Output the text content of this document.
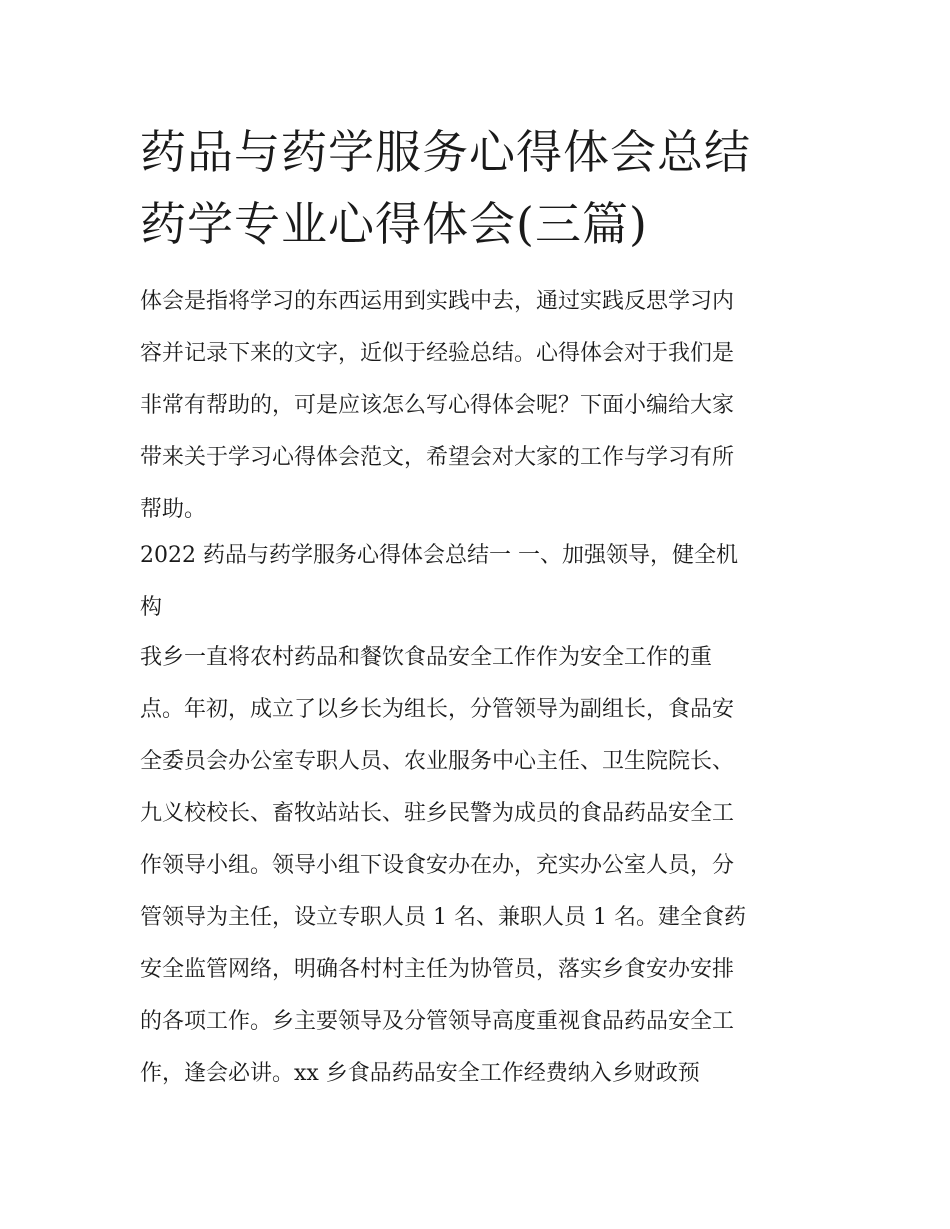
药品与药学服务心得体会总结
药学专业心得体会(三篇)
体会是指将学习的东西运用到实践中去，通过实践反思学习内
容并记录下来的文字，近似于经验总结。心得体会对于我们是
非常有帮助的，可是应该怎么写心得体会呢？下面小编给大家
带来关于学习心得体会范文，希望会对大家的工作与学习有所
帮助。
2022 药品与药学服务心得体会总结一 一、加强领导，健全机
构
我乡一直将农村药品和餐饮食品安全工作作为安全工作的重
点。年初，成立了以乡长为组长，分管领导为副组长，食品安
全委员会办公室专职人员、农业服务中心主任、卫生院院长、
九义校校长、畜牧站站长、驻乡民警为成员的食品药品安全工
作领导小组。领导小组下设食安办在办，充实办公室人员，分
管领导为主任，设立专职人员 1 名、兼职人员 1 名。建全食药
安全监管网络，明确各村村主任为协管员，落实乡食安办安排
的各项工作。乡主要领导及分管领导高度重视食品药品安全工
作，逢会必讲。xx 乡食品药品安全工作经费纳入乡财政预
